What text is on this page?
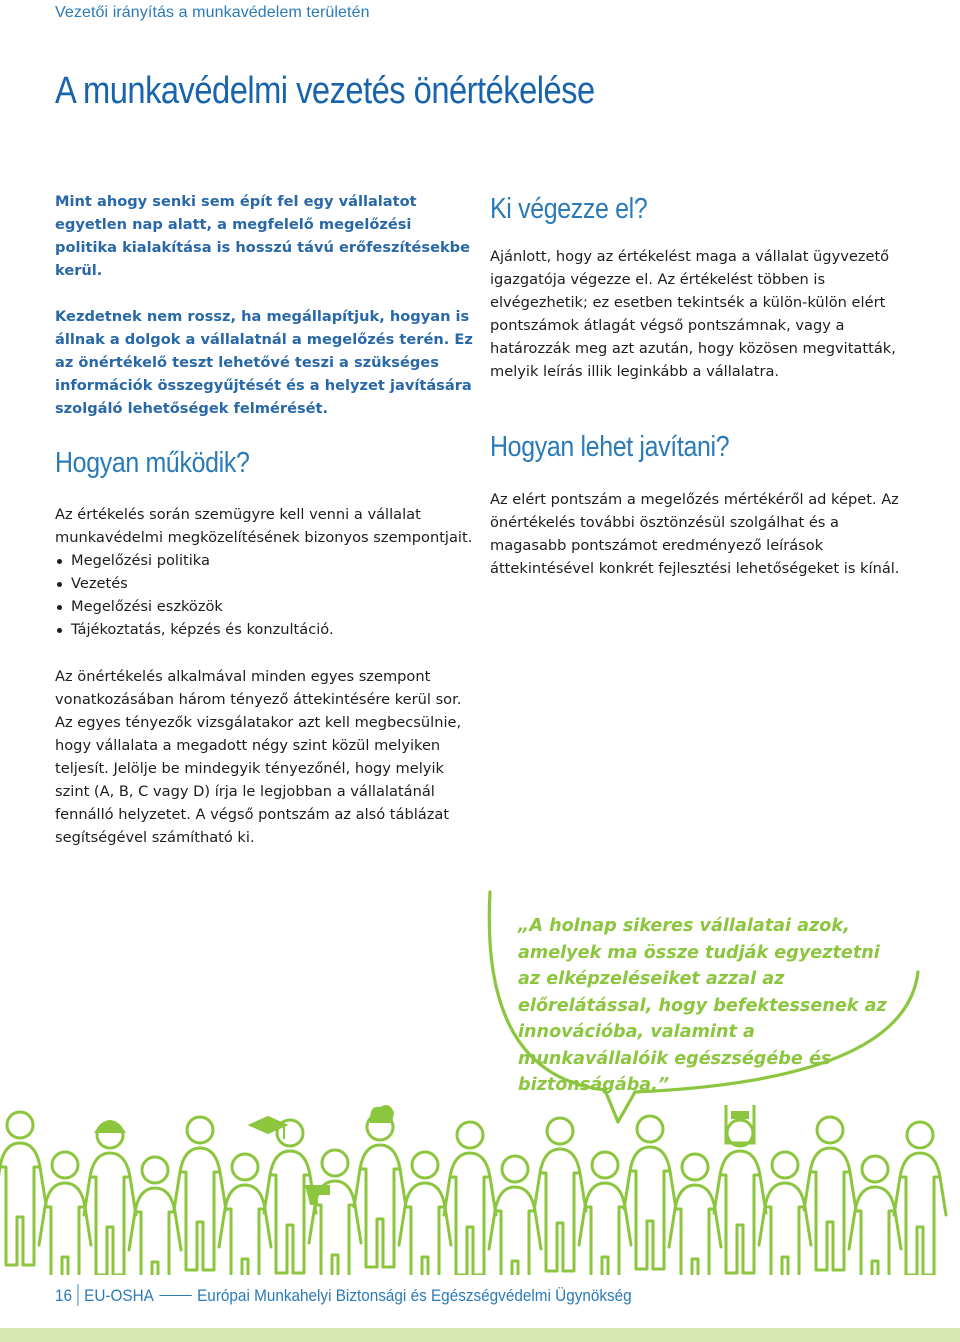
Vezetői irányítás a munkavédelem területén
A munkavédelmi vezetés önértékelése

Mint ahogy senki sem épít fel egy vállalatot egyetlen nap alatt, a megfelelő megelőzési politika kialakítása is hosszú távú erőfeszítésekbe kerül.

Kezdetnek nem rossz, ha megállapítjuk, hogyan is állnak a dolgok a vállalatnál a megelőzés terén. Ez az önértékelő teszt lehetővé teszi a szükséges információk összegyűjtését és a helyzet javítására szolgáló lehetőségek felmérését.

Hogyan működik?

Az értékelés során szemügyre kell venni a vállalat munkavédelmi megközelítésének bizonyos szempontjait.

Megelőzési politika
Vezetés
Megelőzési eszközök
Tájékoztatás, képzés és konzultáció.

Az önértékelés alkalmával minden egyes szempont vonatkozásában három tényező áttekintésére kerül sor. Az egyes tényezők vizsgálatakor azt kell megbecsülnie, hogy vállalata a megadott négy szint közül melyiken teljesít. Jelölje be mindegyik tényezőnél, hogy melyik szint (A, B, C vagy D) írja le legjobban a vállalatánál fennálló helyzetet. A végső pontszám az alsó táblázat segítségével számítható ki.

Ki végezze el?

Ajánlott, hogy az értékelést maga a vállalat ügyvezető igazgatója végezze el. Az értékelést többen is elvégezhetik; ez esetben tekintsék a külön-külön elért pontszámok átlagát végső pontszámnak, vagy a határozzák meg azt azután, hogy közösen megvitatták, melyik leírás illik leginkább a vállalatra.

Hogyan lehet javítani?

Az elért pontszám a megelőzés mértékéről ad képet. Az önértékelés további ösztönzésül szolgálhat és a magasabb pontszámot eredményező leírások áttekintésével konkrét fejlesztési lehetőségeket is kínál.

„A holnap sikeres vállalatai azok, amelyek ma össze tudják egyeztetni az elképzeléseiket azzal az előrelátással, hogy befektessenek az innovációba, valamint a munkavállalóik egészségébe és biztonságába.”
16 EU-OSHA	Európai Munkahelyi Biztonsági és Egészségvédelmi Ügynökség
